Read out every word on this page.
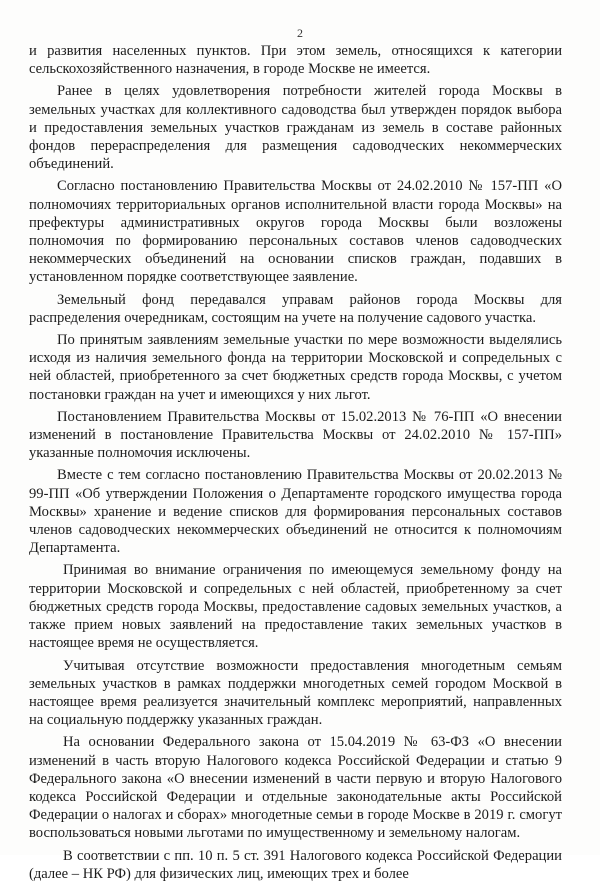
2

и развития населенных пунктов. При этом земель, относящихся к категории сельскохозяйственного назначения, в городе Москве не имеется.

Ранее в целях удовлетворения потребности жителей города Москвы в земельных участках для коллективного садоводства был утвержден порядок выбора и предоставления земельных участков гражданам из земель в составе районных фондов перераспределения для размещения садоводческих некоммерческих объединений.

Согласно постановлению Правительства Москвы от 24.02.2010 № 157-ПП «О полномочиях территориальных органов исполнительной власти города Москвы» на префектуры административных округов города Москвы были возложены полномочия по формированию персональных составов членов садоводческих некоммерческих объединений на основании списков граждан, подавших в установленном порядке соответствующее заявление.

Земельный фонд передавался управам районов города Москвы для распределения очередникам, состоящим на учете на получение садового участка.

По принятым заявлениям земельные участки по мере возможности выделялись исходя из наличия земельного фонда на территории Московской и сопредельных с ней областей, приобретенного за счет бюджетных средств города Москвы, с учетом постановки граждан на учет и имеющихся у них льгот.

Постановлением Правительства Москвы от 15.02.2013 № 76-ПП «О внесении изменений в постановление Правительства Москвы от 24.02.2010 № 157-ПП» указанные полномочия исключены.

Вместе с тем согласно постановлению Правительства Москвы от 20.02.2013 № 99-ПП «Об утверждении Положения о Департаменте городского имущества города Москвы» хранение и ведение списков для формирования персональных составов членов садоводческих некоммерческих объединений не относится к полномочиям Департамента.

Принимая во внимание ограничения по имеющемуся земельному фонду на территории Московской и сопредельных с ней областей, приобретенному за счет бюджетных средств города Москвы, предоставление садовых земельных участков, а также прием новых заявлений на предоставление таких земельных участков в настоящее время не осуществляется.

Учитывая отсутствие возможности предоставления многодетным семьям земельных участков в рамках поддержки многодетных семей городом Москвой в настоящее время реализуется значительный комплекс мероприятий, направленных на социальную поддержку указанных граждан.

На основании Федерального закона от 15.04.2019 № 63-ФЗ «О внесении изменений в часть вторую Налогового кодекса Российской Федерации и статью 9 Федерального закона «О внесении изменений в части первую и вторую Налогового кодекса Российской Федерации и отдельные законодательные акты Российской Федерации о налогах и сборах» многодетные семьи в городе Москве в 2019 г. смогут воспользоваться новыми льготами по имущественному и земельному налогам.

В соответствии с пп. 10 п. 5 ст. 391 Налогового кодекса Российской Федерации (далее – НК РФ) для физических лиц, имеющих трех и более
